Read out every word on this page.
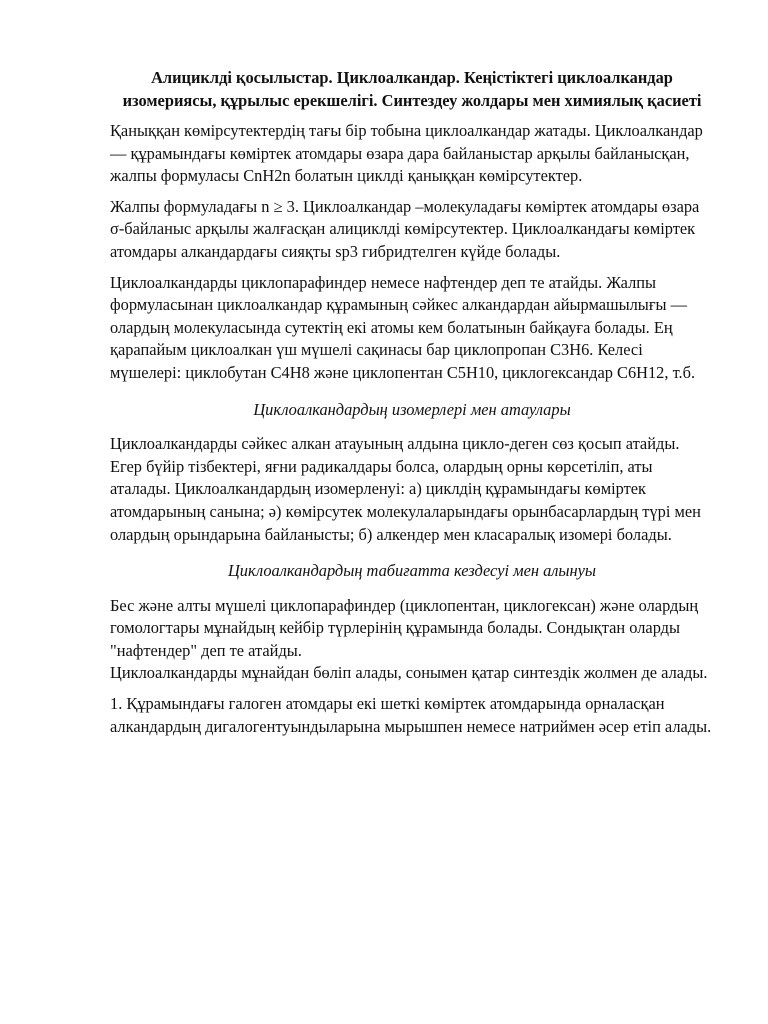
Алициклді қосылыстар. Циклоалкандар. Кеңістіктегі циклоалкандар изомериясы, құрылыс ерекшелігі. Синтездеу жолдары мен химиялық қасиеті
Қаныққан көмірсутектердің тағы бір тобына циклоалкандар жатады. Циклоалкандар — құрамындағы көміртек атомдары өзара дара байланыстар арқылы байланысқан, жалпы формуласы CnH2n болатын циклді қаныққан көмірсутектер.
Жалпы формуладағы n ≥ 3. Циклоалкандар –молекуладағы көміртек атомдары өзара σ-байланыс арқылы жалғасқан алициклді көмірсутектер. Циклоалкандағы көміртек атомдары алкандардағы сияқты sp3 гибридтелген күйде болады.
Циклоалкандарды циклопарафиндер немесе нафтендер деп те атайды. Жалпы формуласынан циклоалкандар құрамының сәйкес алкандардан айырмашылығы — олардың молекуласында сутектің екі атомы кем болатынын байқауға болады. Ең қарапайым циклоалкан үш мүшелі сақинасы бар циклопропан С3Н6. Келесі мүшелері: циклобутан С4Н8 және циклопентан С5Н10, циклогександар С6Н12, т.б.
Циклоалкандардың изомерлері мен атаулары
Циклоалкандарды сәйкес алкан атауының алдына цикло-деген сөз қосып атайды. Егер бүйір тізбектері, яғни радикалдары болса, олардың орны көрсетіліп, аты аталады. Циклоалкандардың изомерленуі: а) циклдің құрамындағы көміртек атомдарының санына; ә) көмірсутек молекулаларындағы орынбасарлардың түрі мен олардың орындарына байланысты; б) алкендер мен класаралық изомері болады.
Циклоалкандардың табиғатта кездесуі мен алынуы
Бес және алты мүшелі циклопарафиндер (циклопентан, циклогексан) және олардың гомологтары мұнайдың кейбір түрлерінің құрамында болады. Сондықтан оларды "нафтендер" деп те атайды.
Циклоалкандарды мұнайдан бөліп алады, сонымен қатар синтездік жолмен де алады.
1. Құрамындағы галоген атомдары екі шеткі көміртек атомдарында орналасқан алкандардың дигалогентуындыларына мырышпен немесе натриймен әсер етіп алады.
